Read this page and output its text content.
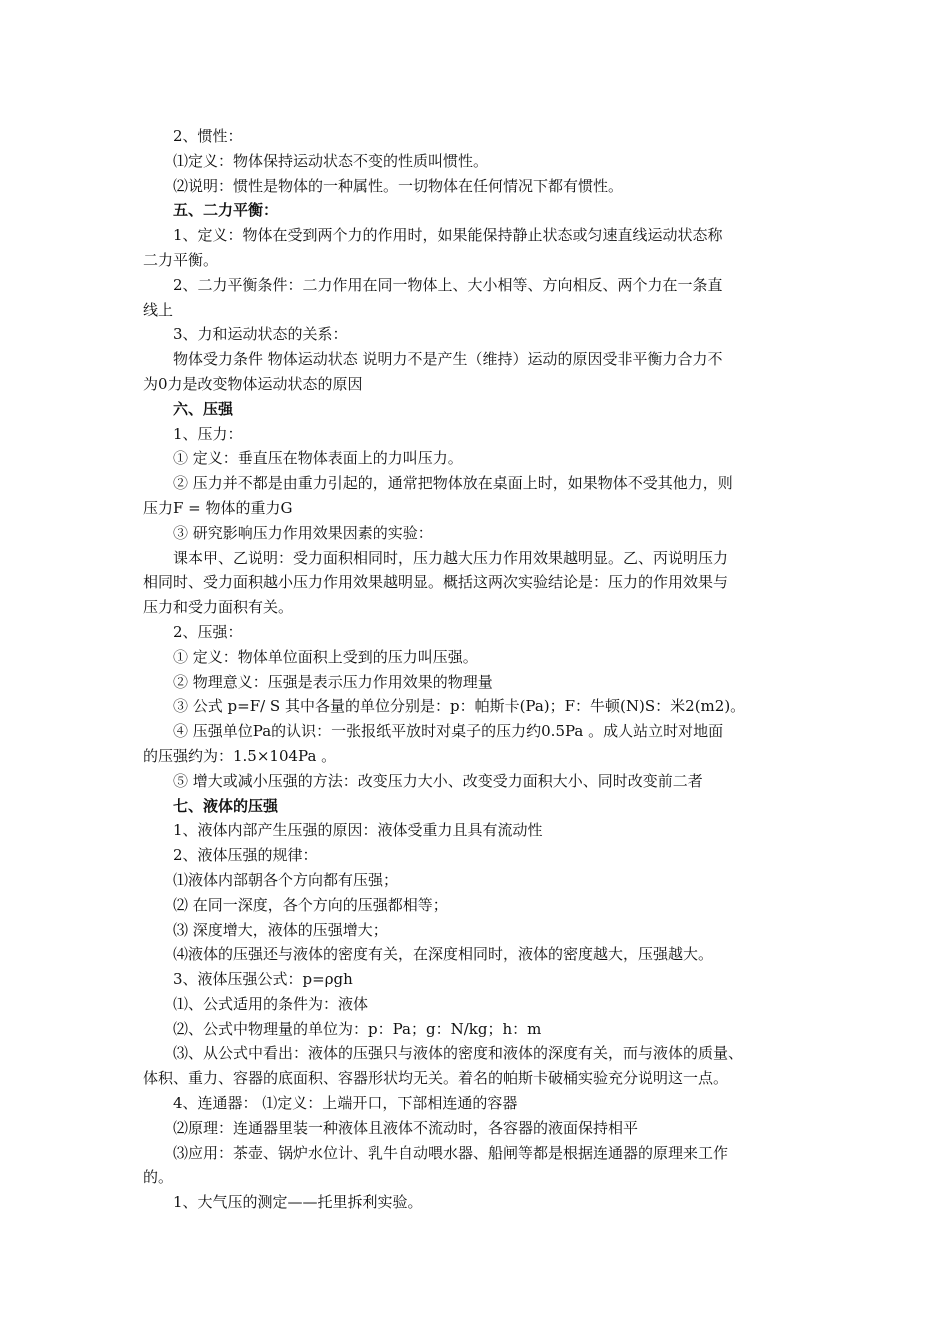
2、惯性：
⑴定义：物体保持运动状态不变的性质叫惯性。
⑵说明：惯性是物体的一种属性。一切物体在任何情况下都有惯性。
五、二力平衡：
1、定义：物体在受到两个力的作用时，如果能保持静止状态或匀速直线运动状态称
二力平衡。
2、二力平衡条件：二力作用在同一物体上、大小相等、方向相反、两个力在一条直
线上
3、力和运动状态的关系：
物体受力条件 物体运动状态 说明力不是产生（维持）运动的原因受非平衡力合力不
为0力是改变物体运动状态的原因
六、压强
1、压力：
① 定义：垂直压在物体表面上的力叫压力。
② 压力并不都是由重力引起的，通常把物体放在桌面上时，如果物体不受其他力，则
压力F = 物体的重力G
③ 研究影响压力作用效果因素的实验：
课本甲、乙说明：受力面积相同时，压力越大压力作用效果越明显。乙、丙说明压力
相同时、受力面积越小压力作用效果越明显。概括这两次实验结论是：压力的作用效果与
压力和受力面积有关。
2、压强：
① 定义：物体单位面积上受到的压力叫压强。
② 物理意义：压强是表示压力作用效果的物理量
③ 公式 p=F/ S 其中各量的单位分别是：p：帕斯卡(Pa)；F：牛顿(N)S：米2(m2)。
④ 压强单位Pa的认识：一张报纸平放时对桌子的压力约0.5Pa 。成人站立时对地面
的压强约为：1.5×104Pa 。
⑤ 增大或减小压强的方法：改变压力大小、改变受力面积大小、同时改变前二者
七、液体的压强
1、液体内部产生压强的原因：液体受重力且具有流动性
2、液体压强的规律：
⑴液体内部朝各个方向都有压强；
⑵ 在同一深度，各个方向的压强都相等；
⑶ 深度增大，液体的压强增大；
⑷液体的压强还与液体的密度有关，在深度相同时，液体的密度越大，压强越大。
3、液体压强公式：p=ρgh
⑴、公式适用的条件为：液体
⑵、公式中物理量的单位为：p：Pa；g：N/kg；h：m
⑶、从公式中看出：液体的压强只与液体的密度和液体的深度有关，而与液体的质量、
体积、重力、容器的底面积、容器形状均无关。着名的帕斯卡破桶实验充分说明这一点。
4、连通器： ⑴定义：上端开口，下部相连通的容器
⑵原理：连通器里装一种液体且液体不流动时，各容器的液面保持相平
⑶应用：茶壶、锅炉水位计、乳牛自动喂水器、船闸等都是根据连通器的原理来工作
的。
1、大气压的测定——托里拆利实验。
